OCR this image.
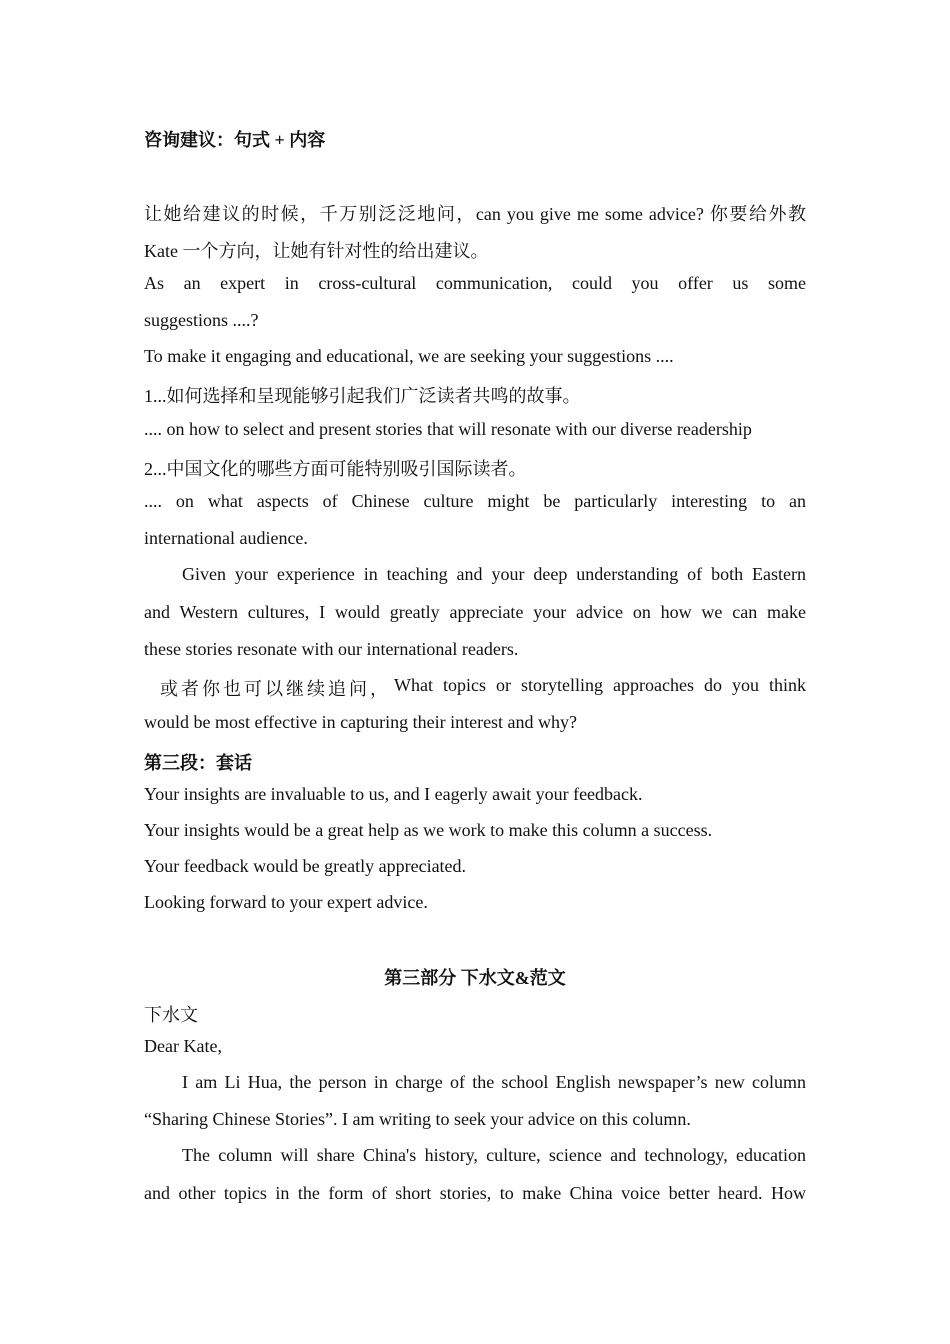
咨询建议：句式 + 内容
让她给建议的时候，千万别泛泛地问，can you give me some advice? 你要给外教
Kate 一个方向，让她有针对性的给出建议。
As an expert in cross-cultural communication, could you offer us some
suggestions ....?
To make it engaging and educational, we are seeking your suggestions ....
1...如何选择和呈现能够引起我们广泛读者共鸣的故事。
.... on how to select and present stories that will resonate with our diverse readership
2...中国文化的哪些方面可能特别吸引国际读者。
.... on what aspects of Chinese culture might be particularly interesting to an
international audience.
Given your experience in teaching and your deep understanding of both Eastern
and Western cultures, I would greatly appreciate your advice on how we can make
these stories resonate with our international readers.
或者你也可以继续追问， What topics or storytelling approaches do you think
would be most effective in capturing their interest and why?
第三段：套话
Your insights are invaluable to us, and I eagerly await your feedback.
Your insights would be a great help as we work to make this column a success.
Your feedback would be greatly appreciated.
Looking forward to your expert advice.
第三部分 下水文&范文
下水文
Dear Kate,
I am Li Hua, the person in charge of the school English newspaper’s new column
“Sharing Chinese Stories”. I am writing to seek your advice on this column.
The column will share China's history, culture, science and technology, education
and other topics in the form of short stories, to make China voice better heard. How
